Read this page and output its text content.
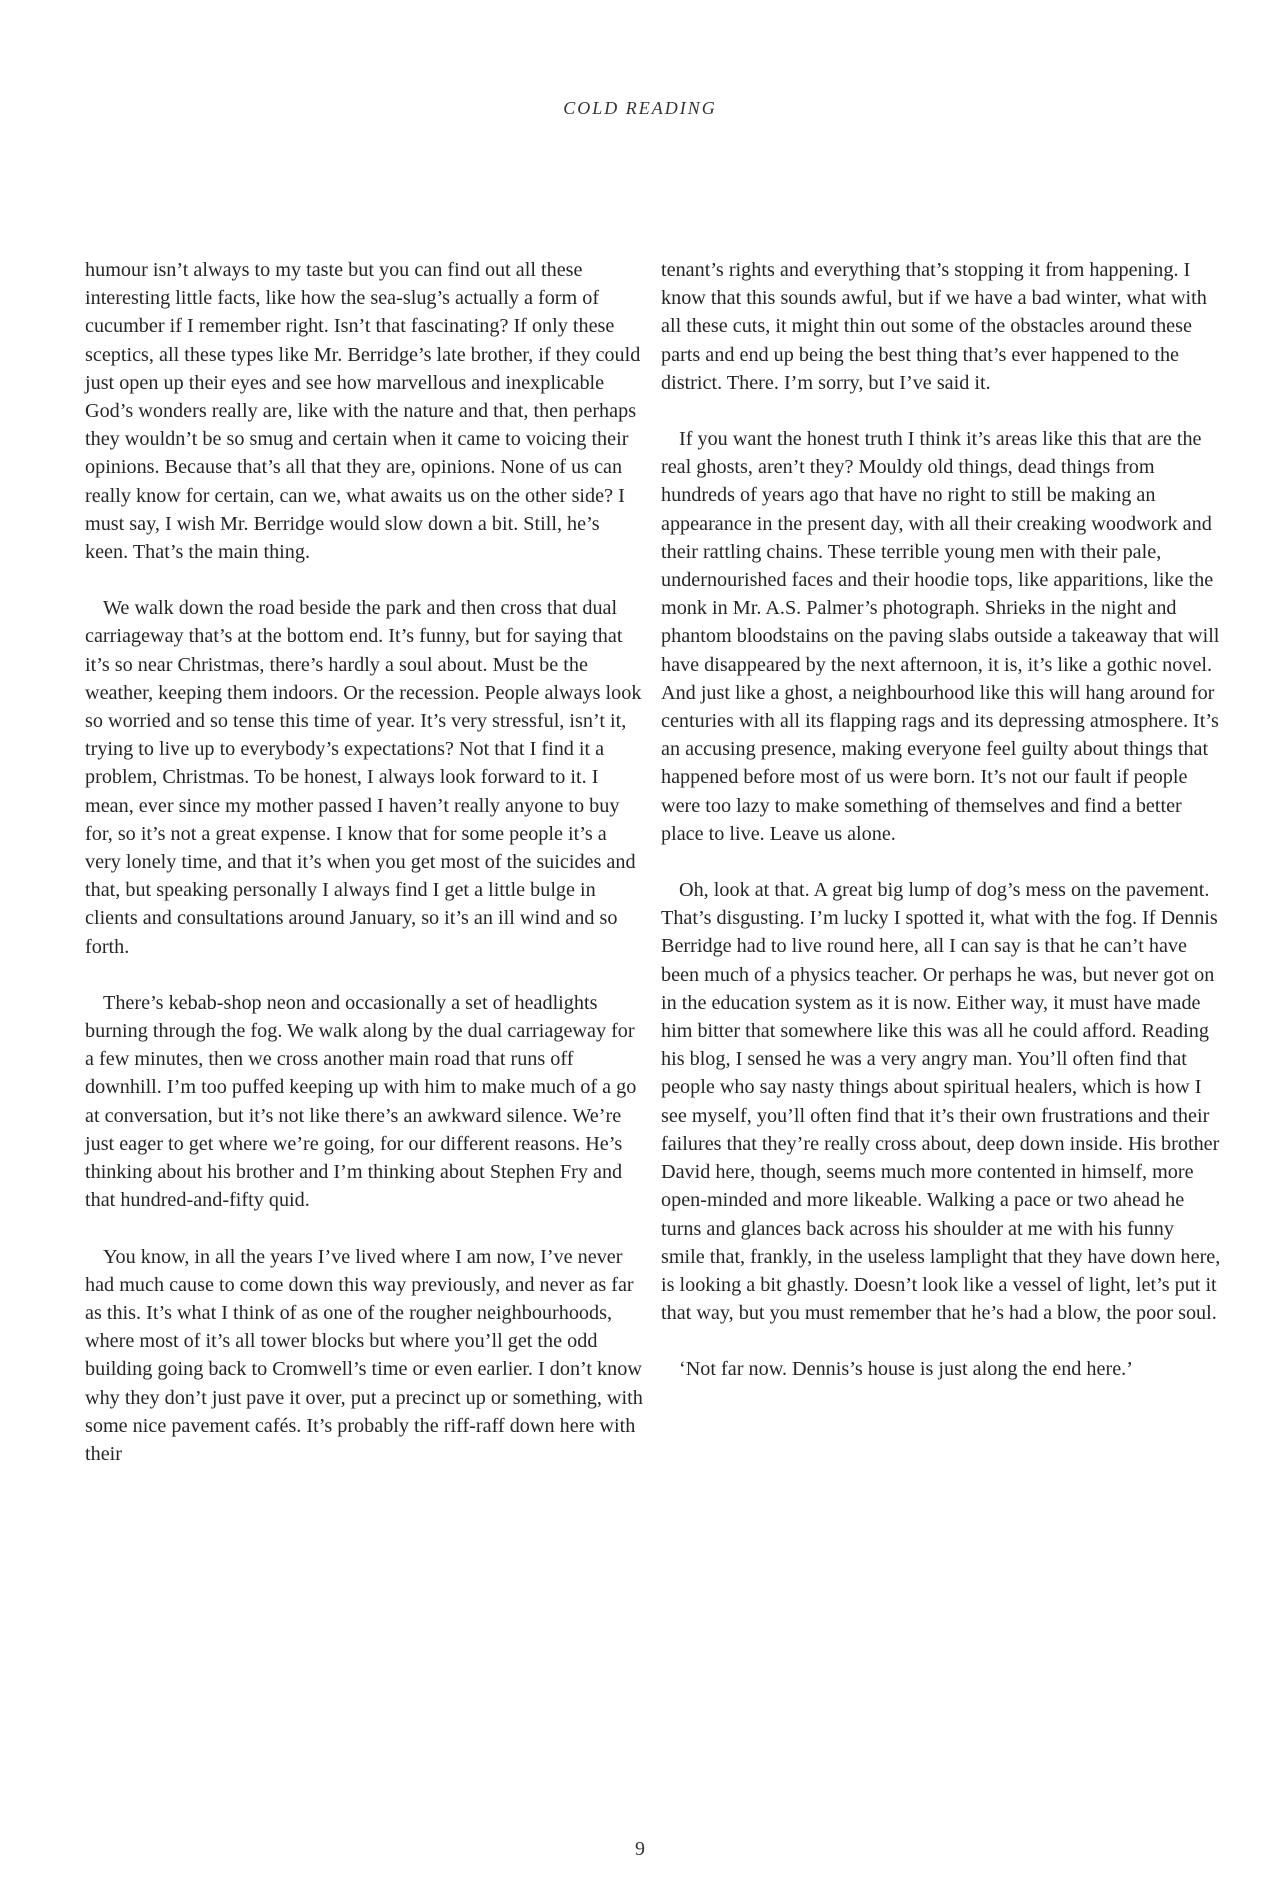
COLD READING

humour isn’t always to my taste but you can find out all these interesting little facts, like how the sea-slug’s actually a form of cucumber if I remember right. Isn’t that fascinating? If only these sceptics, all these types like Mr. Berridge’s late brother, if they could just open up their eyes and see how marvellous and inexplicable God’s wonders really are, like with the nature and that, then perhaps they wouldn’t be so smug and certain when it came to voicing their opinions. Because that’s all that they are, opinions. None of us can really know for certain, can we, what awaits us on the other side? I must say, I wish Mr. Berridge would slow down a bit. Still, he’s keen. That’s the main thing.

We walk down the road beside the park and then cross that dual carriageway that’s at the bottom end. It’s funny, but for saying that it’s so near Christmas, there’s hardly a soul about. Must be the weather, keeping them indoors. Or the recession. People always look so worried and so tense this time of year. It’s very stressful, isn’t it, trying to live up to everybody’s expectations? Not that I find it a problem, Christmas. To be honest, I always look forward to it. I mean, ever since my mother passed I haven’t really anyone to buy for, so it’s not a great expense. I know that for some people it’s a very lonely time, and that it’s when you get most of the suicides and that, but speaking personally I always find I get a little bulge in clients and consultations around January, so it’s an ill wind and so forth.

There’s kebab-shop neon and occasionally a set of headlights burning through the fog. We walk along by the dual carriageway for a few minutes, then we cross another main road that runs off downhill. I’m too puffed keeping up with him to make much of a go at conversation, but it’s not like there’s an awkward silence. We’re just eager to get where we’re going, for our different reasons. He’s thinking about his brother and I’m thinking about Stephen Fry and that hundred-and-fifty quid.

You know, in all the years I’ve lived where I am now, I’ve never had much cause to come down this way previously, and never as far as this. It’s what I think of as one of the rougher neighbourhoods, where most of it’s all tower blocks but where you’ll get the odd building going back to Cromwell’s time or even earlier. I don’t know why they don’t just pave it over, put a precinct up or something, with some nice pavement cafés. It’s probably the riff-raff down here with their

tenant’s rights and everything that’s stopping it from happening. I know that this sounds awful, but if we have a bad winter, what with all these cuts, it might thin out some of the obstacles around these parts and end up being the best thing that’s ever happened to the district. There. I’m sorry, but I’ve said it.

If you want the honest truth I think it’s areas like this that are the real ghosts, aren’t they? Mouldy old things, dead things from hundreds of years ago that have no right to still be making an appearance in the present day, with all their creaking woodwork and their rattling chains. These terrible young men with their pale, undernourished faces and their hoodie tops, like apparitions, like the monk in Mr. A.S. Palmer’s photograph. Shrieks in the night and phantom bloodstains on the paving slabs outside a takeaway that will have disappeared by the next afternoon, it is, it’s like a gothic novel. And just like a ghost, a neighbourhood like this will hang around for centuries with all its flapping rags and its depressing atmosphere. It’s an accusing presence, making everyone feel guilty about things that happened before most of us were born. It’s not our fault if people were too lazy to make something of themselves and find a better place to live. Leave us alone.

Oh, look at that. A great big lump of dog’s mess on the pavement. That’s disgusting. I’m lucky I spotted it, what with the fog. If Dennis Berridge had to live round here, all I can say is that he can’t have been much of a physics teacher. Or perhaps he was, but never got on in the education system as it is now. Either way, it must have made him bitter that somewhere like this was all he could afford. Reading his blog, I sensed he was a very angry man. You’ll often find that people who say nasty things about spiritual healers, which is how I see myself, you’ll often find that it’s their own frustrations and their failures that they’re really cross about, deep down inside. His brother David here, though, seems much more contented in himself, more open-minded and more likeable. Walking a pace or two ahead he turns and glances back across his shoulder at me with his funny smile that, frankly, in the useless lamplight that they have down here, is looking a bit ghastly. Doesn’t look like a vessel of light, let’s put it that way, but you must remember that he’s had a blow, the poor soul.

‘Not far now. Dennis’s house is just along the end here.’

9
